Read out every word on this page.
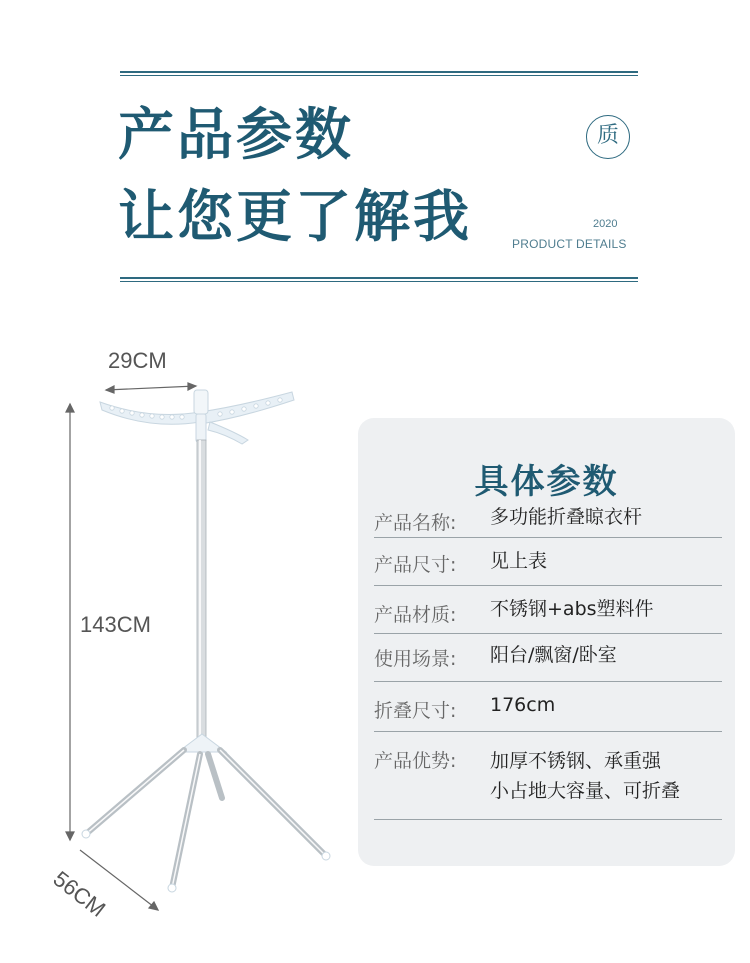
产品参数
让您更了解我
质
2020
PRODUCT DETAILS
29CM
143CM
56CM
具体参数
产品名称: 多功能折叠晾衣杆
产品尺寸: 见上表
产品材质: 不锈钢+abs塑料件
使用场景: 阳台/飘窗/卧室
折叠尺寸: 176cm
产品优势: 加厚不锈钢、承重强
小占地大容量、可折叠
